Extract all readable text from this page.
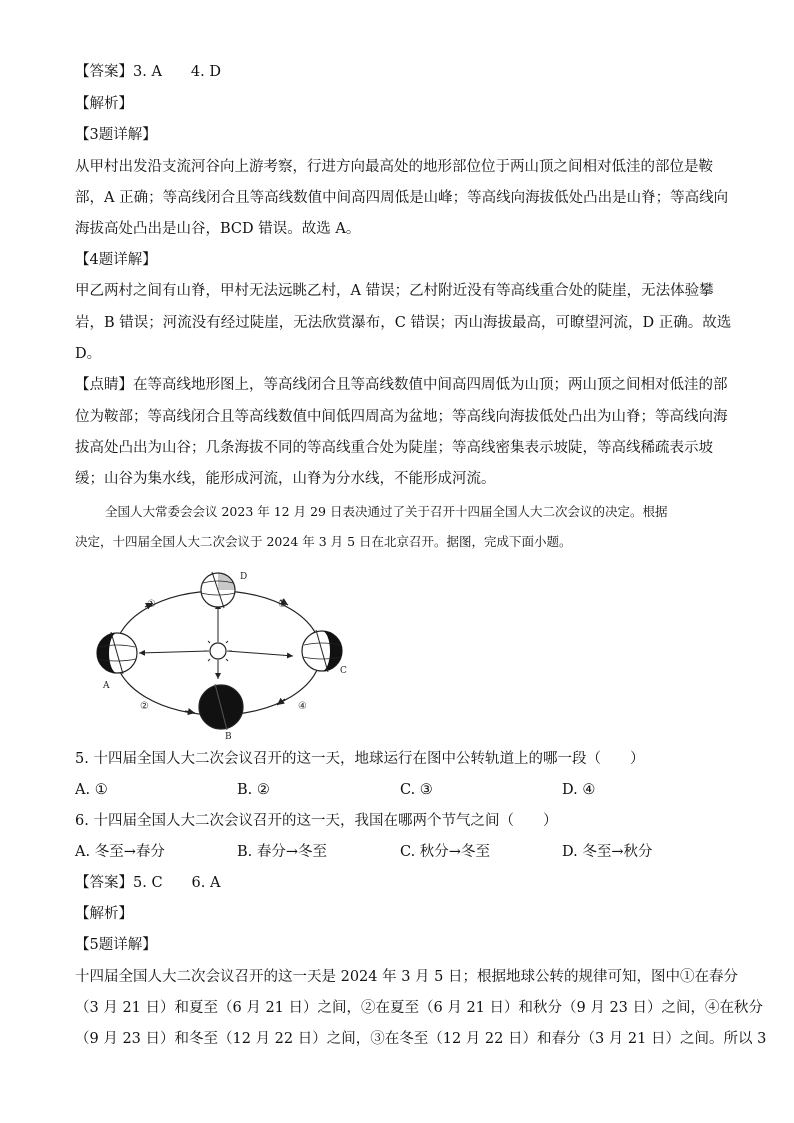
【答案】3. A　　4. D
【解析】
【3题详解】
从甲村出发沿支流河谷向上游考察，行进方向最高处的地形部位位于两山顶之间相对低洼的部位是鞍
部，A 正确；等高线闭合且等高线数值中间高四周低是山峰；等高线向海拔低处凸出是山脊；等高线向
海拔高处凸出是山谷，BCD 错误。故选 A。
【4题详解】
甲乙两村之间有山脊，甲村无法远眺乙村，A 错误；乙村附近没有等高线重合处的陡崖，无法体验攀
岩，B 错误；河流没有经过陡崖，无法欣赏瀑布，C 错误；丙山海拔最高，可瞭望河流，D 正确。故选
D。
【点睛】在等高线地形图上，等高线闭合且等高线数值中间高四周低为山顶；两山顶之间相对低洼的部
位为鞍部；等高线闭合且等高线数值中间低四周高为盆地；等高线向海拔低处凸出为山脊；等高线向海
拔高处凸出为山谷；几条海拔不同的等高线重合处为陡崖；等高线密集表示坡陡，等高线稀疏表示坡
缓；山谷为集水线，能形成河流，山脊为分水线，不能形成河流。
全国人大常委会会议 2023 年 12 月 29 日表决通过了关于召开十四届全国人大二次会议的决定。根据
决定，十四届全国人大二次会议于 2024 年 3 月 5 日在北京召开。据图，完成下面小题。
D
A
C
B
①
②
③
④
5. 十四届全国人大二次会议召开的这一天，地球运行在图中公转轨道上的哪一段（　　）
A. ①	B. ②	C. ③	D. ④
6. 十四届全国人大二次会议召开的这一天，我国在哪两个节气之间（　　）
A. 冬至→春分	B. 春分→冬至	C. 秋分→冬至	D. 冬至→秋分
【答案】5. C　　6. A
【解析】
【5题详解】
十四届全国人大二次会议召开的这一天是 2024 年 3 月 5 日；根据地球公转的规律可知，图中①在春分
（3 月 21 日）和夏至（6 月 21 日）之间，②在夏至（6 月 21 日）和秋分（9 月 23 日）之间，④在秋分
（9 月 23 日）和冬至（12 月 22 日）之间，③在冬至（12 月 22 日）和春分（3 月 21 日）之间。所以 3
